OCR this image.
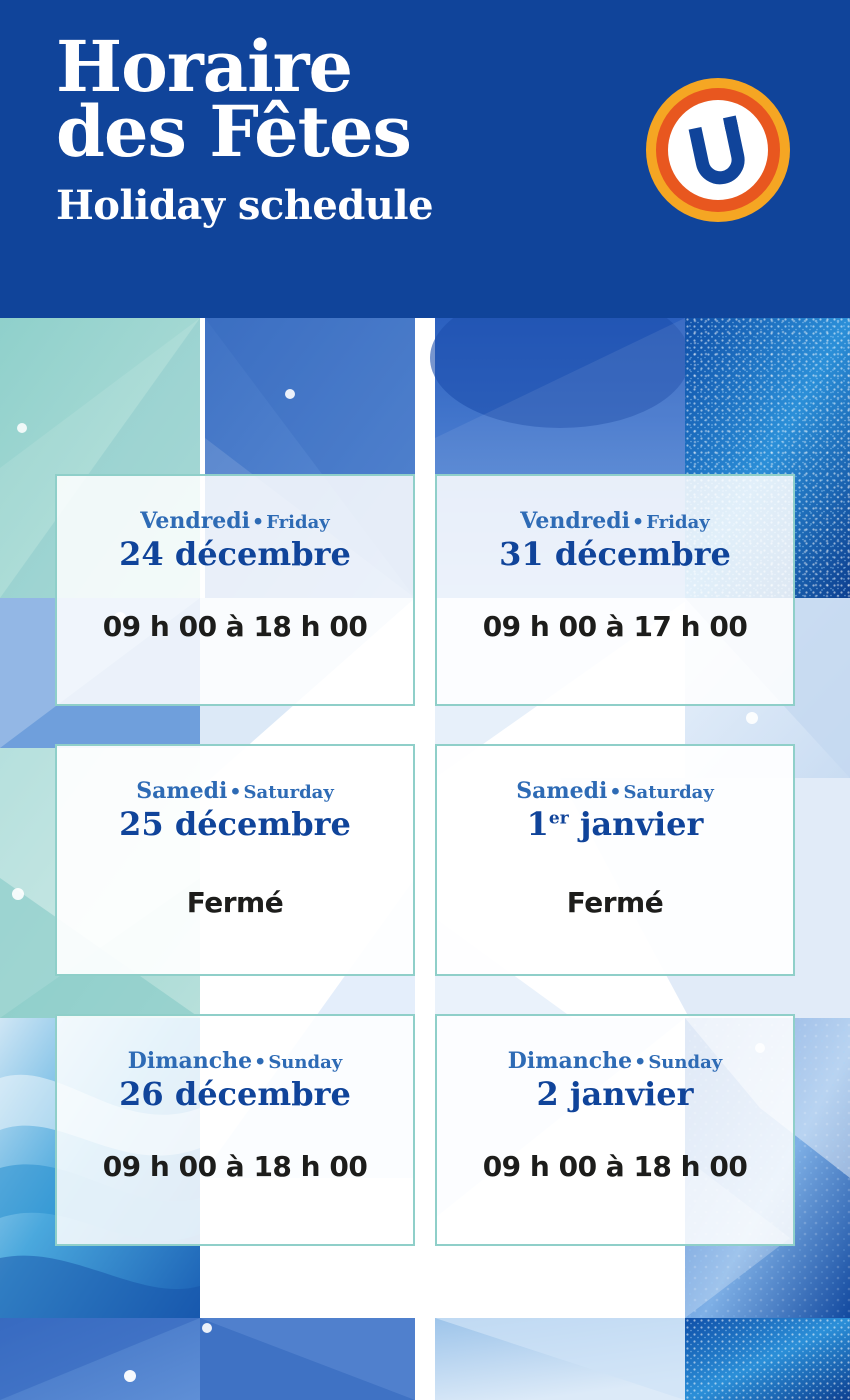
Horaire
des Fêtes
Holiday schedule
Vendredi • Friday
24 décembre
09 h 00 à 18 h 00
Vendredi • Friday
31 décembre
09 h 00 à 17 h 00
Samedi • Saturday
25 décembre
Fermé
Samedi • Saturday
1er janvier
Fermé
Dimanche • Sunday
26 décembre
09 h 00 à 18 h 00
Dimanche • Sunday
2 janvier
09 h 00 à 18 h 00
